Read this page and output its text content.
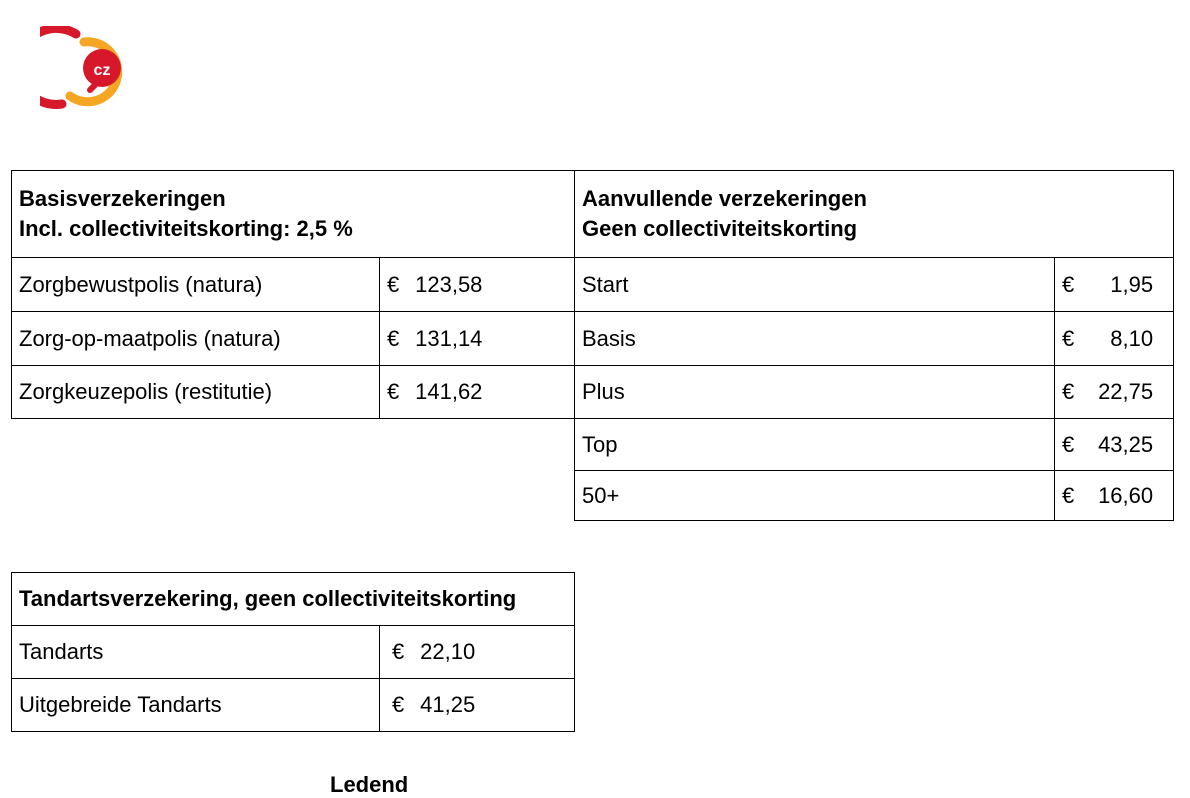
cz
Basisverzekeringen
Incl. collectiviteitskorting: 2,5 %	

Zorgbewustpolis (natura)	€ 123,58
Zorg-op-maatpolis (natura)	€ 131,14
Zorgkeuzepolis (restitutie)	€ 141,62
Aanvullende verzekeringen
Geen collectiviteitskorting	

Start	€ 1,95
Basis	€ 8,10
Plus	€ 22,75
Top	€ 43,25
50+	€ 16,60
Tandartsverzekering, geen collectiviteitskorting	
Tandarts	€ 22,10
Uitgebreide Tandarts	€ 41,25
Ledend
